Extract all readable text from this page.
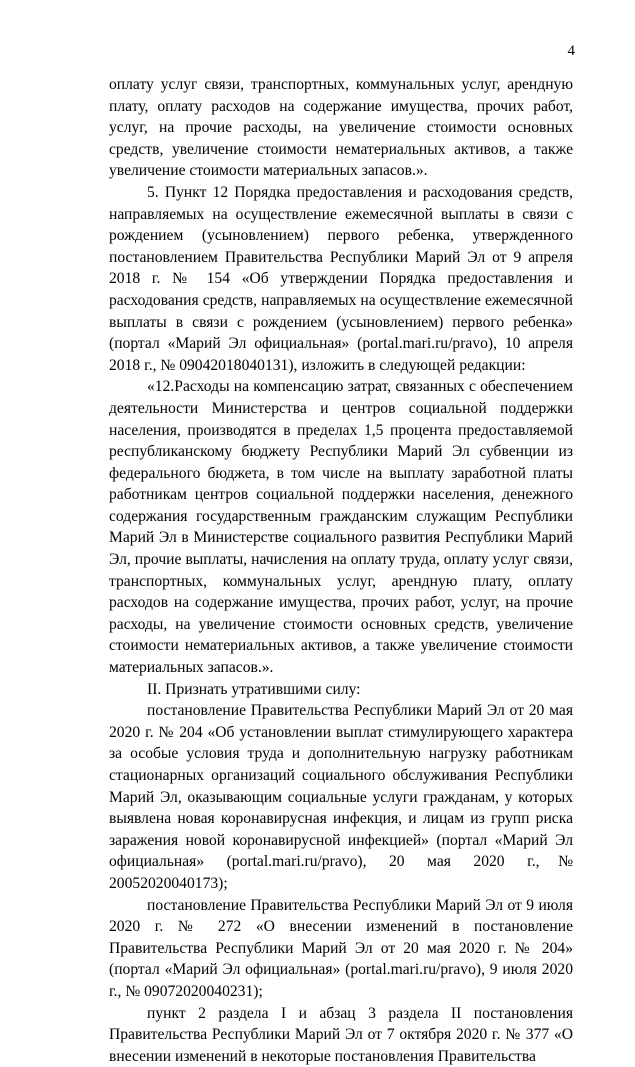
4

оплату услуг связи, транспортных, коммунальных услуг, арендную плату, оплату расходов на содержание имущества, прочих работ, услуг, на прочие расходы, на увеличение стоимости основных средств, увеличение стоимости нематериальных активов, а также увеличение стоимости материальных запасов.».

5. Пункт 12 Порядка предоставления и расходования средств, направляемых на осуществление ежемесячной выплаты в связи с рождением (усыновлением) первого ребенка, утвержденного постановлением Правительства Республики Марий Эл от 9 апреля 2018 г. № 154 «Об утверждении Порядка предоставления и расходования средств, направляемых на осуществление ежемесячной выплаты в связи с рождением (усыновлением) первого ребенка» (портал «Марий Эл официальная» (portal.mari.ru/pravo), 10 апреля 2018 г., № 09042018040131), изложить в следующей редакции:

«12.Расходы на компенсацию затрат, связанных с обеспечением деятельности Министерства и центров социальной поддержки населения, производятся в пределах 1,5 процента предоставляемой республиканскому бюджету Республики Марий Эл субвенции из федерального бюджета, в том числе на выплату заработной платы работникам центров социальной поддержки населения, денежного содержания государственным гражданским служащим Республики Марий Эл в Министерстве социального развития Республики Марий Эл, прочие выплаты, начисления на оплату труда, оплату услуг связи, транспортных, коммунальных услуг, арендную плату, оплату расходов на содержание имущества, прочих работ, услуг, на прочие расходы, на увеличение стоимости основных средств, увеличение стоимости нематериальных активов, а также увеличение стоимости материальных запасов.».

II. Признать утратившими силу:

постановление Правительства Республики Марий Эл от 20 мая 2020 г. № 204 «Об установлении выплат стимулирующего характера за особые условия труда и дополнительную нагрузку работникам стационарных организаций социального обслуживания Республики Марий Эл, оказывающим социальные услуги гражданам, у которых выявлена новая коронавирусная инфекция, и лицам из групп риска заражения новой коронавирусной инфекцией» (портал «Марий Эл официальная» (portal.mari.ru/pravo), 20 мая 2020 г.,№ 20052020040173);

постановление Правительства Республики Марий Эл от 9 июля 2020 г. № 272 «О внесении изменений в постановление Правительства Республики Марий Эл от 20 мая 2020 г. № 204» (портал «Марий Эл официальная» (portal.mari.ru/pravo), 9 июля 2020 г., № 09072020040231);

пункт 2 раздела I и абзац 3 раздела II постановления Правительства Республики Марий Эл от 7 октября 2020 г. № 377 «О внесении изменений в некоторые постановления Правительства
